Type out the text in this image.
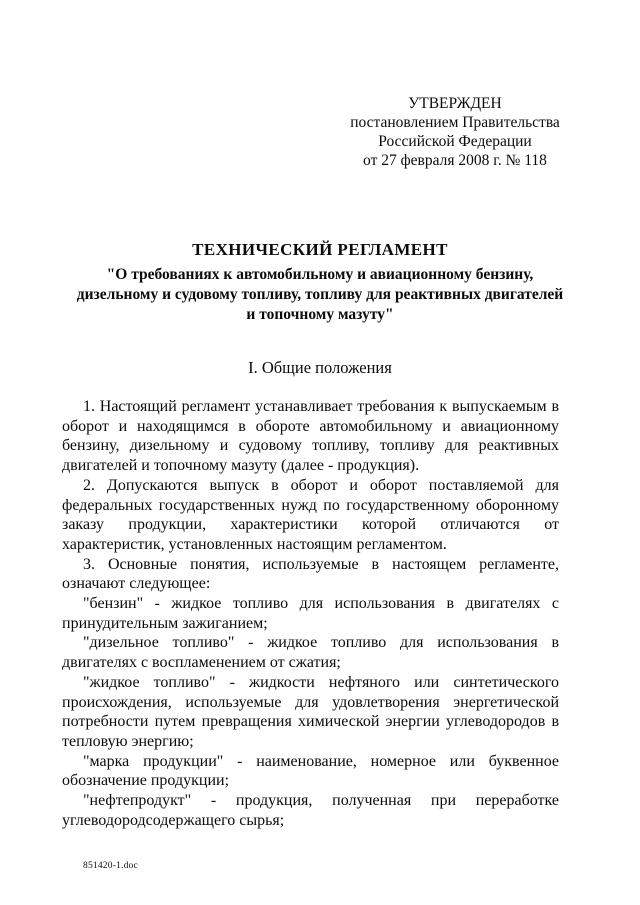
УТВЕРЖДЕН
постановлением Правительства
Российской Федерации
от 27 февраля 2008 г. № 118
ТЕХНИЧЕСКИЙ РЕГЛАМЕНТ
"О требованиях к автомобильному и авиационному бензину,
дизельному и судовому топливу, топливу для реактивных двигателей
и топочному мазуту"
I. Общие положения

1. Настоящий регламент устанавливает требования к выпускаемым в оборот и находящимся в обороте автомобильному и авиационному бензину, дизельному и судовому топливу, топливу для реактивных двигателей и топочному мазуту (далее - продукция).

2. Допускаются выпуск в оборот и оборот поставляемой для федеральных государственных нужд по государственному оборонному заказу продукции, характеристики которой отличаются от характеристик, установленных настоящим регламентом.

3. Основные понятия, используемые в настоящем регламенте, означают следующее:

"бензин" - жидкое топливо для использования в двигателях с принудительным зажиганием;

"дизельное топливо" - жидкое топливо для использования в двигателях с воспламенением от сжатия;

"жидкое топливо" - жидкости нефтяного или синтетического происхождения, используемые для удовлетворения энергетической потребности путем превращения химической энергии углеводородов в тепловую энергию;

"марка продукции" - наименование, номерное или буквенное обозначение продукции;

"нефтепродукт" - продукция, полученная при переработке углеводородсодержащего сырья;

851420-1.doc
